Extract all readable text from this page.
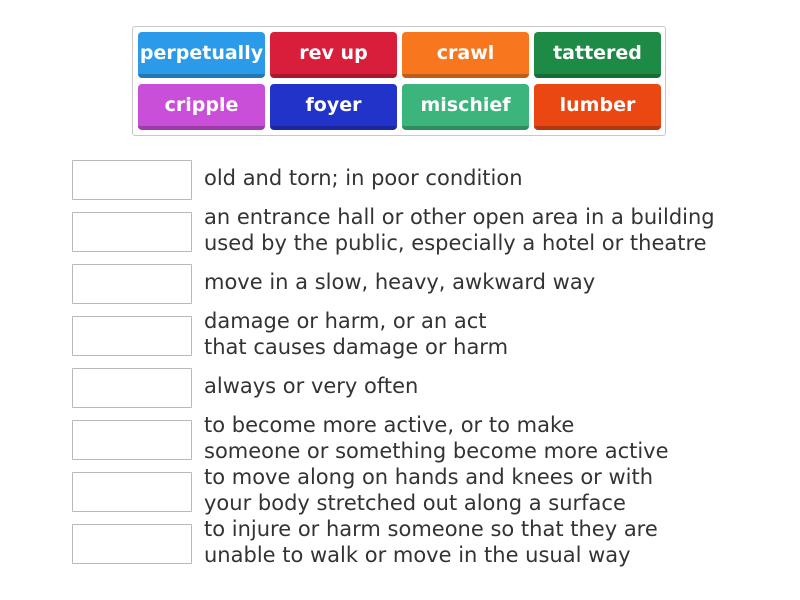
perpetually	rev up	crawl	tattered
cripple	foyer	mischief	lumber
old and torn; in poor condition
an entrance hall or other open area in a building
used by the public, especially a hotel or theatre
move in a slow, heavy, awkward way
damage or harm, or an act
that causes damage or harm
always or very often
to become more active, or to make
someone or something become more active
to move along on hands and knees or with
your body stretched out along a surface
to injure or harm someone so that they are
unable to walk or move in the usual way
